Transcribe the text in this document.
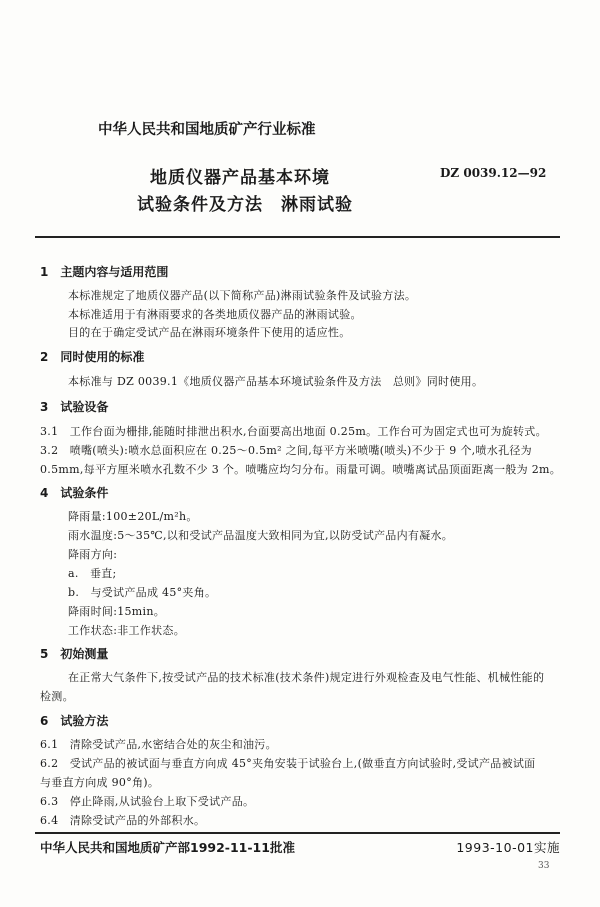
中华人民共和国地质矿产行业标准
地质仪器产品基本环境
试验条件及方法　淋雨试验
DZ 0039.12—92
1　主题内容与适用范围
本标准规定了地质仪器产品(以下简称产品)淋雨试验条件及试验方法。
本标准适用于有淋雨要求的各类地质仪器产品的淋雨试验。
目的在于确定受试产品在淋雨环境条件下使用的适应性。
2　同时使用的标准
本标准与 DZ 0039.1《地质仪器产品基本环境试验条件及方法　总则》同时使用。
3　试验设备
3.1　工作台面为栅排,能随时排泄出积水,台面要高出地面 0.25m。工作台可为固定式也可为旋转式。
3.2　喷嘴(喷头):喷水总面积应在 0.25～0.5m² 之间,每平方米喷嘴(喷头)不少于 9 个,喷水孔径为
0.5mm,每平方厘米喷水孔数不少 3 个。喷嘴应均匀分布。雨量可调。喷嘴离试品顶面距离一般为 2m。
4　试验条件
降雨量:100±20L/m²h。
雨水温度:5～35℃,以和受试产品温度大致相同为宜,以防受试产品内有凝水。
降雨方向:
a.　垂直;
b.　与受试产品成 45°夹角。
降雨时间:15min。
工作状态:非工作状态。
5　初始测量
在正常大气条件下,按受试产品的技术标准(技术条件)规定进行外观检查及电气性能、机械性能的
检测。
6　试验方法
6.1　清除受试产品,水密结合处的灰尘和油污。
6.2　受试产品的被试面与垂直方向成 45°夹角安装于试验台上,(做垂直方向试验时,受试产品被试面
与垂直方向成 90°角)。
6.3　停止降雨,从试验台上取下受试产品。
6.4　清除受试产品的外部积水。
中华人民共和国地质矿产部1992-11-11批准	1993-10-01实施
33
